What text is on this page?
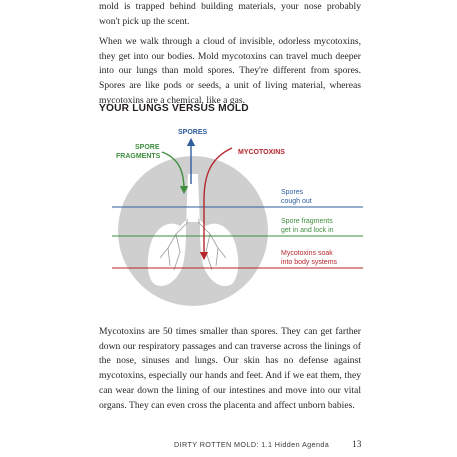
mold is trapped behind building materials, your nose probably won't pick up the scent.

When we walk through a cloud of invisible, odorless mycotoxins, they get into our bodies. Mold mycotoxins can travel much deeper into our lungs than mold spores. They're different from spores. Spores are like pods or seeds, a unit of living material, whereas mycotoxins are a chemical, like a gas.

YOUR LUNGS VERSUS MOLD
SPORES
SPORE
FRAGMENTS
MYCOTOXINS
Spores
cough out
Spore fragments
get in and lock in
Mycotoxins soak
into body systems

Mycotoxins are 50 times smaller than spores. They can get farther down our respiratory passages and can traverse across the linings of the nose, sinuses and lungs. Our skin has no defense against mycotoxins, especially our hands and feet. And if we eat them, they can wear down the lining of our intestines and move into our vital organs. They can even cross the placenta and affect unborn babies.

DIRTY ROTTEN MOLD: 1.1 Hidden Agenda	13
